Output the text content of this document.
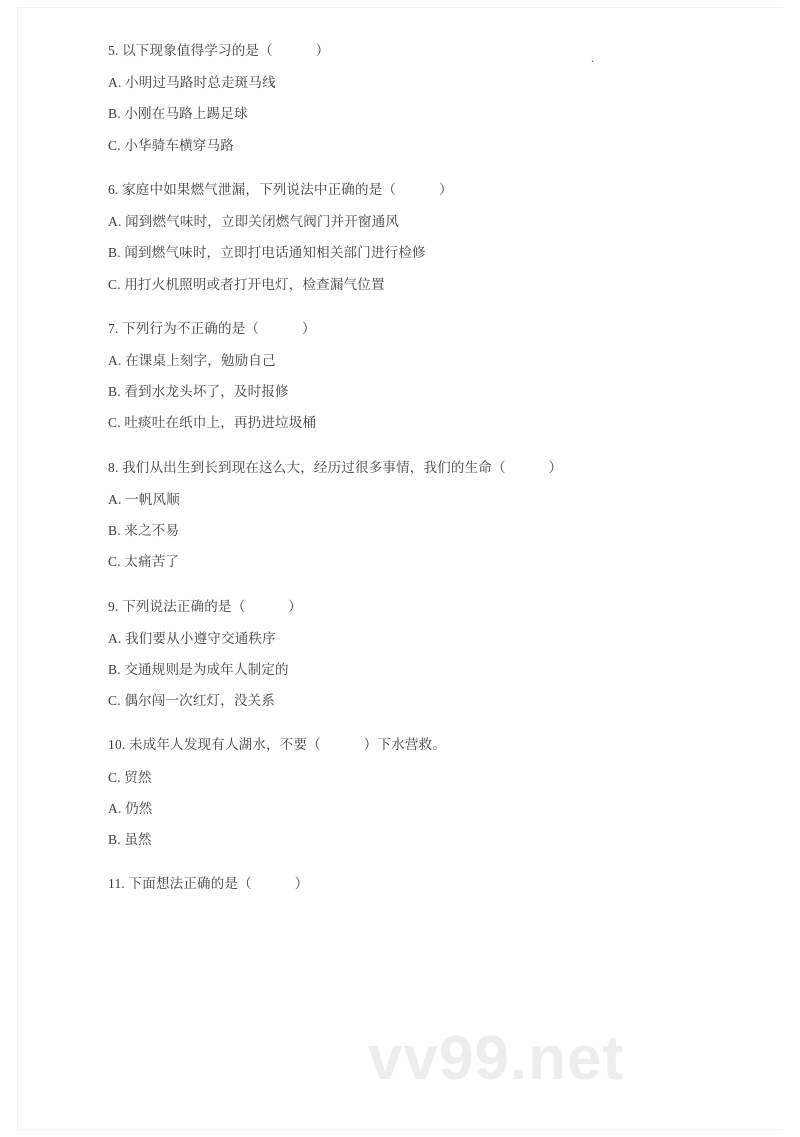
.
5. 以下现象值得学习的是（            ）
A. 小明过马路时总走斑马线
B. 小刚在马路上踢足球
C. 小华骑车横穿马路
6. 家庭中如果燃气泄漏，下列说法中正确的是（            ）
A. 闻到燃气味时，立即关闭燃气阀门并开窗通风
B. 闻到燃气味时，立即打电话通知相关部门进行检修
C. 用打火机照明或者打开电灯，检查漏气位置
7. 下列行为不正确的是（            ）
A. 在课桌上刻字，勉励自己
B. 看到水龙头坏了，及时报修
C. 吐痰吐在纸巾上，再扔进垃圾桶
8. 我们从出生到长到现在这么大，经历过很多事情，我们的生命（            ）
A. 一帆风顺
B. 来之不易
C. 太痛苦了
9. 下列说法正确的是（            ）
A. 我们要从小遵守交通秩序
B. 交通规则是为成年人制定的
C. 偶尔闯一次红灯，没关系
10. 未成年人发现有人湖水，不要（            ）下水营救。
C. 贸然
A. 仍然
B. 虽然
11. 下面想法正确的是（            ）
vv99.net
